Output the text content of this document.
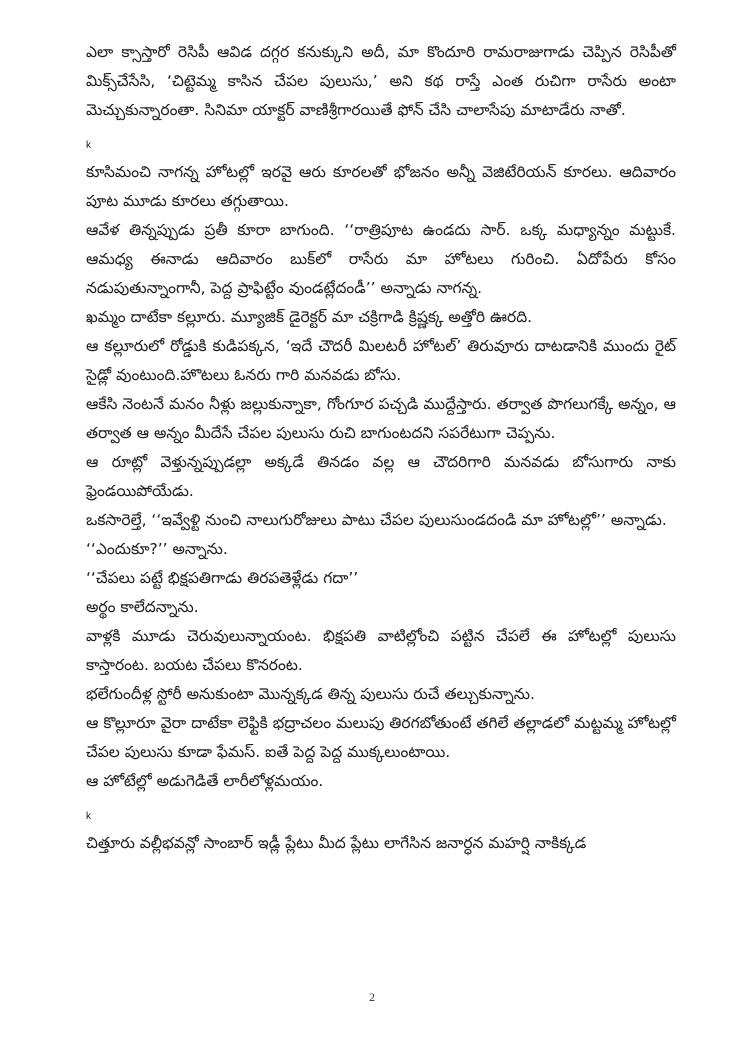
ఎలా క్సాస్తారో రెసిపీ ఆవిడ దగ్గర కనుక్కుని అదీ, మా కొందూరి రామరాజుగాడు చెప్పిన రెసిపీతో మిక్స్‌చేసేసి, ‘చిట్టెమ్మ కాసిన చేపల పులుసు,’ అని కథ రాస్తే ఎంత రుచిగా రాసేరు అంటా మెచ్చుకున్నారంతా. సినిమా యాక్టర్ వాణిశ్రీగారయితే ఫోన్ చేసి చాలాసేపు మాటాడేరు నాతో.

k

కూసిమంచి నాగన్న హోటల్లో ఇరవై ఆరు కూరలతో భోజనం అన్నీ వెజిటేరియన్ కూరలు. ఆదివారం పూట మూడు కూరలు తగ్గుతాయి.

ఆవేళ తిన్నప్పుడు ప్రతీ కూరా బాగుంది. ‘‘రాత్రిపూట ఉండదు సార్. ఒక్క మధ్యాన్నం మట్టుకే. ఆమధ్య ఈనాడు ఆదివారం బుక్‌లో రాసేరు మా హోటలు గురించి. ఏదోపేరు కోసం నడుపుతున్నాంగానీ, పెద్ద ప్రాఫిట్టేం వుండట్లేదండీ’’ అన్నాడు నాగన్న.

ఖమ్మం దాటేకా కల్లూరు. మ్యూజిక్ డైరెక్టర్ మా చక్రిగాడి క్రిష్ణక్క అత్తోరి ఊరది.

ఆ కల్లూరులో రోడ్డుకి కుడిపక్కన, ‘ఇదే చౌదరీ మిలటరీ హోటల్’ తిరువూరు దాటడానికి ముందు రైట్ సైడ్లో వుంటుంది.హొటలు ఓనరు గారి మనవడు బోసు.

ఆకేసి నెంటనే మనం నీళ్లు జల్లుకున్నాకా, గోంగూర పచ్చడి ముద్దేస్తారు. తర్వాత పొగలుగక్కే అన్నం, ఆ తర్వాత ఆ అన్నం మీదేసే చేపల పులుసు రుచి బాగుంటదని సపరేటుగా చెప్పను.

ఆ రూట్లో వెళ్తున్నప్పుడల్లా అక్కడే తినడం వల్ల ఆ చౌదరిగారి మనవడు బోసుగారు నాకు ఫ్రెండయిపోయేడు.

ఒకసారెల్తే, ‘‘ఇవ్వేళ్టి నుంచి నాలుగురోజులు పాటు చేపల పులుసుండదండి మా హోటల్లో’’ అన్నాడు.

‘‘ఎందుకూ?’’ అన్నాను.

‘‘చేపలు పట్టే భిక్షపతిగాడు తిరపతెళ్లేడు గదా’’

అర్థం కాలేదన్నాను.

వాళ్లకి మూడు చెరువులున్నాయంట. భిక్షపతి వాటిల్లోంచి పట్టిన చేపలే ఈ హోటల్లో పులుసు కాస్తారంట. బయట చేపలు కొనరంట.

భలేగుందీళ్ల స్టోరీ అనుకుంటా మొన్నక్కడ తిన్న పులుసు రుచే తల్చుకున్నాను.

ఆ కొల్లూరూ వైరా దాటేకా లెఫ్టికి భద్రాచలం మలుపు తిరగబోతుంటే తగిలే తల్లాడలో మట్టమ్మ హోటల్లో చేపల పులుసు కూడా ఫేమస్. ఐతే పెద్ద పెద్ద ముక్కలుంటాయి.

ఆ హోటేల్లో అడుగెడితే లారీలోళ్లమయం.

k

చిత్తూరు వల్లీభవన్లో సాంబార్ ఇడ్లీ ప్లేటు మీద ప్లేటు లాగేసిన జనార్ధన మహర్షి నాకిక్కడ

2
